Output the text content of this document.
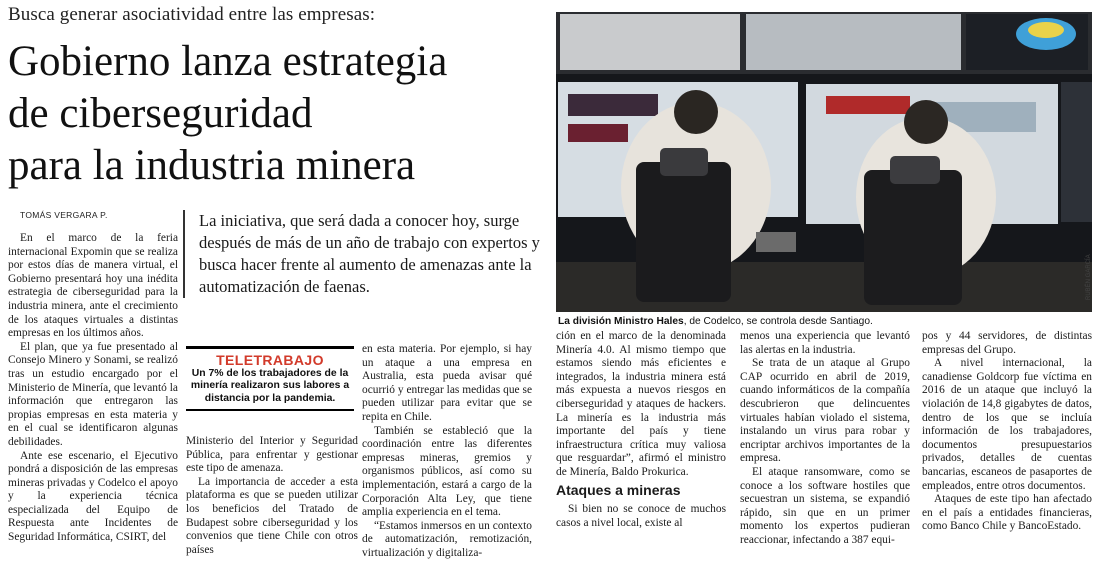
Busca generar asociatividad entre las empresas:
Gobierno lanza estrategia
de ciberseguridad
para la industria minera
TOMÁS VERGARA P.	La iniciativa, que será dada a conocer hoy, surge después de más de un año de trabajo con expertos y busca hacer frente al aumento de amenazas ante la automatización de faenas.

En el marco de la feria internacional Expomin que se realiza por estos días de manera virtual, el Gobierno presentará hoy una inédita estrategia de ciberseguridad para la industria minera, ante el crecimiento de los ataques virtuales a distintas empresas en los últimos años.

El plan, que ya fue presentado al Consejo Minero y Sonami, se realizó tras un estudio encargado por el Ministerio de Minería, que levantó la información que entregaron las propias empresas en esta materia y en el cual se identificaron algunas debilidades.

Ante ese escenario, el Ejecutivo pondrá a disposición de las empresas mineras privadas y Codelco el apoyo y la experiencia técnica especializada del Equipo de Respuesta ante Incidentes de Seguridad Informática, CSIRT, del

TELETRABAJO
Un 7% de los trabajadores de la minería realizaron sus labores a distancia por la pandemia.

Ministerio del Interior y Seguridad Pública, para enfrentar y gestionar este tipo de amenaza.

La importancia de acceder a esta plataforma es que se pueden utilizar los beneficios del Tratado de Budapest sobre ciberseguridad y los convenios que tiene Chile con otros países

en esta materia. Por ejemplo, si hay un ataque a una empresa en Australia, esta pueda avisar qué ocurrió y entregar las medidas que se pueden utilizar para evitar que se repita en Chile.

También se estableció que la coordinación entre las diferentes empresas mineras, gremios y organismos públicos, así como su implementación, estará a cargo de la Corporación Alta Ley, que tiene amplia experiencia en el tema.

“Estamos inmersos en un contexto de automatización, remotización, virtualización y digitaliza-

RUBÉN GARCÍA
La división Ministro Hales, de Codelco, se controla desde Santiago.

ción en el marco de la denominada Minería 4.0. Al mismo tiempo que estamos siendo más eficientes e integrados, la industria minera está más expuesta a nuevos riesgos en ciberseguridad y ataques de hackers. La minería es la industria más importante del país y tiene infraestructura crítica muy valiosa que resguardar”, afirmó el ministro de Minería, Baldo Prokurica.

Ataques a mineras

Si bien no se conoce de muchos casos a nivel local, existe al

menos una experiencia que levantó las alertas en la industria.

Se trata de un ataque al Grupo CAP ocurrido en abril de 2019, cuando informáticos de la compañía descubrieron que delincuentes virtuales habían violado el sistema, instalando un virus para robar y encriptar archivos importantes de la empresa.

El ataque ransomware, como se conoce a los software hostiles que secuestran un sistema, se expandió rápido, sin que en un primer momento los expertos pudieran reaccionar, infectando a 387 equi-

pos y 44 servidores, de distintas empresas del Grupo.

A nivel internacional, la canadiense Goldcorp fue víctima en 2016 de un ataque que incluyó la violación de 14,8 gigabytes de datos, dentro de los que se incluía información de los trabajadores, documentos presupuestarios privados, detalles de cuentas bancarias, escaneos de pasaportes de empleados, entre otros documentos.

Ataques de este tipo han afectado en el país a entidades financieras, como Banco Chile y BancoEstado.
